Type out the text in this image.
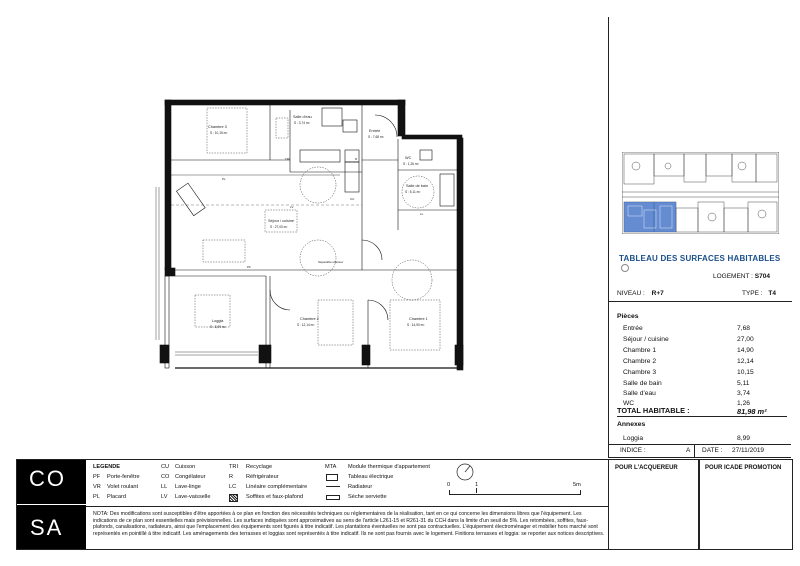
Chambre 3
S : 10,15 m²
Salle d'eau
S : 3,74 m²
Entrée
S : 7,68 m²
WC
S : 1,26 m²
Salle de bain
S : 5,11 m²
Séjour / cuisine
S : 27,00 m²
Loggia
S : 8,99 m²
Chambre 2
S : 12,14 m²
Chambre 1
S : 14,90 m²
TRI	R
CU
LL
LV
PF
Séparable ultérieur
PL
TABLEAU DES SURFACES HABITABLES
LOGEMENT : S704
NIVEAU : R+7	TYPE : T4
Pièces
Entrée	7,68
Séjour / cuisine	27,00
Chambre 1	14,90
Chambre 2	12,14
Chambre 3	10,15
Salle de bain	5,11
Salle d'eau	3,74
WC	1,26
TOTAL HABITABLE :	81,98 m²
Annexes
Loggia	8,99
INDICE :	A DATE : 27/11/2019
CO
SA
LEGENDE
PF Porte-fenêtre
VR Volet roulant
PL Placard
CU Cuisson
CO Congélateur
LL Lave-linge
LV Lave-vaisselle
TRI Recyclage
R Réfrigérateur
LC Linéaire complémentaire
Soffites et faux-plafond
MTA Module thermique d'appartement
Tableau électrique
Radiateur
Sèche serviette
0	1	5m
NOTA: Des modifications sont susceptibles d'être apportées à ce plan en fonction des nécessités techniques ou réglementaires de la réalisation, tant en ce qui concerne les dimensions libres que l'équipement. Les indications de ce plan sont essentielles mais prévisionnelles. Les surfaces indiquées sont approximatives au sens de l'article L261-15 et R261-31 du CCH dans la limite d'un seuil de 5%. Les retombées, soffites, faux-plafonds, canalisations, radiateurs, ainsi que l'emplacement des équipements sont figurés à titre indicatif. Les plantations éventuelles ne sont pas contractuelles. L'équipement électroménager et mobilier hors marché sont représentés en pointillé à titre indicatif. Les aménagements des terrasses et loggias sont représentés à titre indicatif. Ils ne sont pas fournis avec le logement. Finitions terrasses et loggia: se reporter aux notices descriptives.
POUR L'ACQUEREUR	POUR ICADE PROMOTION
